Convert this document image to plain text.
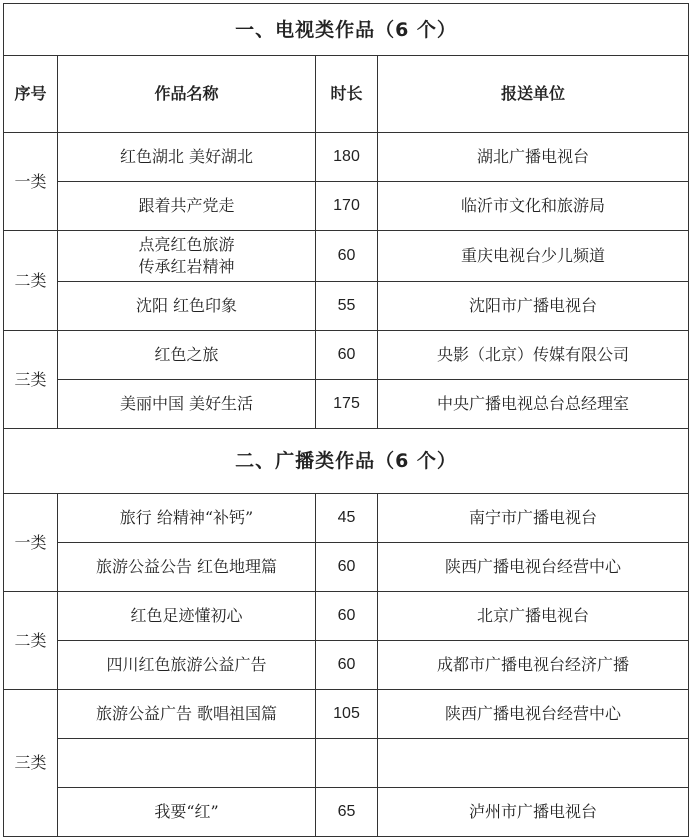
一、电视类作品（6 个）			
序号	作品名称	时长	报送单位
一类	红色湖北 美好湖北	180	湖北广播电视台

	跟着共产党走	170	临沂市文化和旅游局
二类	点亮红色旅游
传承红岩精神	60	重庆电视台少儿频道

	沈阳 红色印象	55	沈阳市广播电视台
三类	红色之旅	60	央影（北京）传媒有限公司

	美丽中国 美好生活	175	中央广播电视总台总经理室
二、广播类作品（6 个）			
一类	旅行 给精神“补钙”	45	南宁市广播电视台

	旅游公益公告 红色地理篇	60	陕西广播电视台经营中心
二类	红色足迹懂初心	60	北京广播电视台

	四川红色旅游公益广告	60	成都市广播电视台经济广播
三类	旅游公益广告 歌唱祖国篇	105	陕西广播电视台经营中心

	我要“红”	65	泸州市广播电视台
